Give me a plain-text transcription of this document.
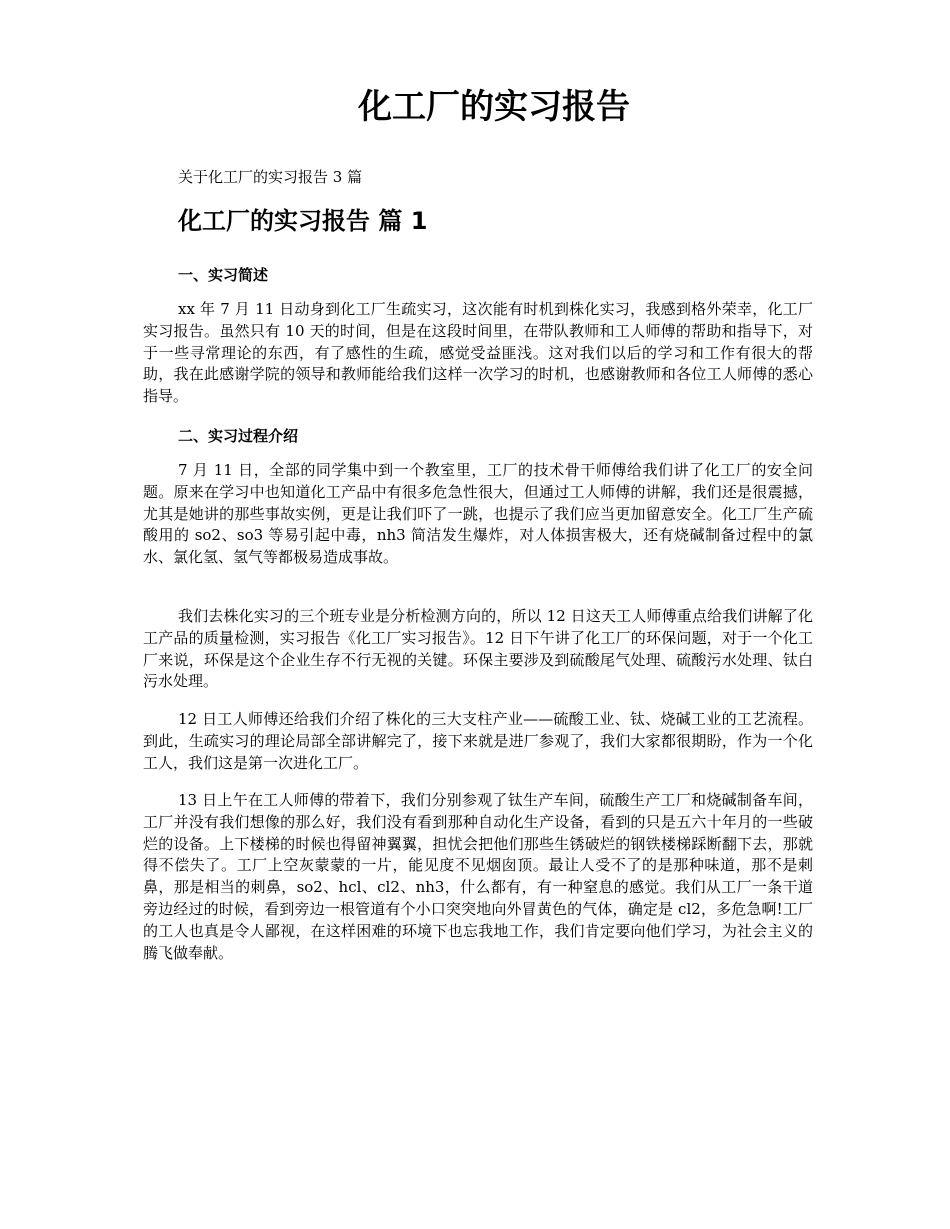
化工厂的实习报告
关于化工厂的实习报告 3 篇
化工厂的实习报告 篇 1
一、实习简述

xx 年 7 月 11 日动身到化工厂生疏实习，这次能有时机到株化实习，我感到格外荣幸，化工厂实习报告。虽然只有 10 天的时间，但是在这段时间里，在带队教师和工人师傅的帮助和指导下，对于一些寻常理论的东西，有了感性的生疏，感觉受益匪浅。这对我们以后的学习和工作有很大的帮助，我在此感谢学院的领导和教师能给我们这样一次学习的时机，也感谢教师和各位工人师傅的悉心指导。

二、实习过程介绍

7 月 11 日，全部的同学集中到一个教室里，工厂的技术骨干师傅给我们讲了化工厂的安全问题。原来在学习中也知道化工产品中有很多危急性很大，但通过工人师傅的讲解，我们还是很震撼，尤其是她讲的那些事故实例，更是让我们吓了一跳，也提示了我们应当更加留意安全。化工厂生产硫酸用的 so2、so3 等易引起中毒，nh3 简洁发生爆炸，对人体损害极大，还有烧碱制备过程中的氯水、氯化氢、氢气等都极易造成事故。

我们去株化实习的三个班专业是分析检测方向的，所以 12 日这天工人师傅重点给我们讲解了化工产品的质量检测，实习报告《化工厂实习报告》。12 日下午讲了化工厂的环保问题，对于一个化工厂来说，环保是这个企业生存不行无视的关键。环保主要涉及到硫酸尾气处理、硫酸污水处理、钛白污水处理。

12 日工人师傅还给我们介绍了株化的三大支柱产业——硫酸工业、钛、烧碱工业的工艺流程。到此，生疏实习的理论局部全部讲解完了，接下来就是进厂参观了，我们大家都很期盼，作为一个化工人，我们这是第一次进化工厂。

13 日上午在工人师傅的带着下，我们分别参观了钛生产车间，硫酸生产工厂和烧碱制备车间，工厂并没有我们想像的那么好，我们没有看到那种自动化生产设备，看到的只是五六十年月的一些破烂的设备。上下楼梯的时候也得留神翼翼，担忧会把他们那些生锈破烂的钢铁楼梯踩断翻下去，那就得不偿失了。工厂上空灰蒙蒙的一片，能见度不见烟囱顶。最让人受不了的是那种味道，那不是刺鼻，那是相当的刺鼻，so2、hcl、cl2、nh3，什么都有，有一种窒息的感觉。我们从工厂一条干道旁边经过的时候，看到旁边一根管道有个小口突突地向外冒黄色的气体，确定是 cl2，多危急啊!工厂的工人也真是令人鄙视，在这样困难的环境下也忘我地工作，我们肯定要向他们学习，为社会主义的腾飞做奉献。
